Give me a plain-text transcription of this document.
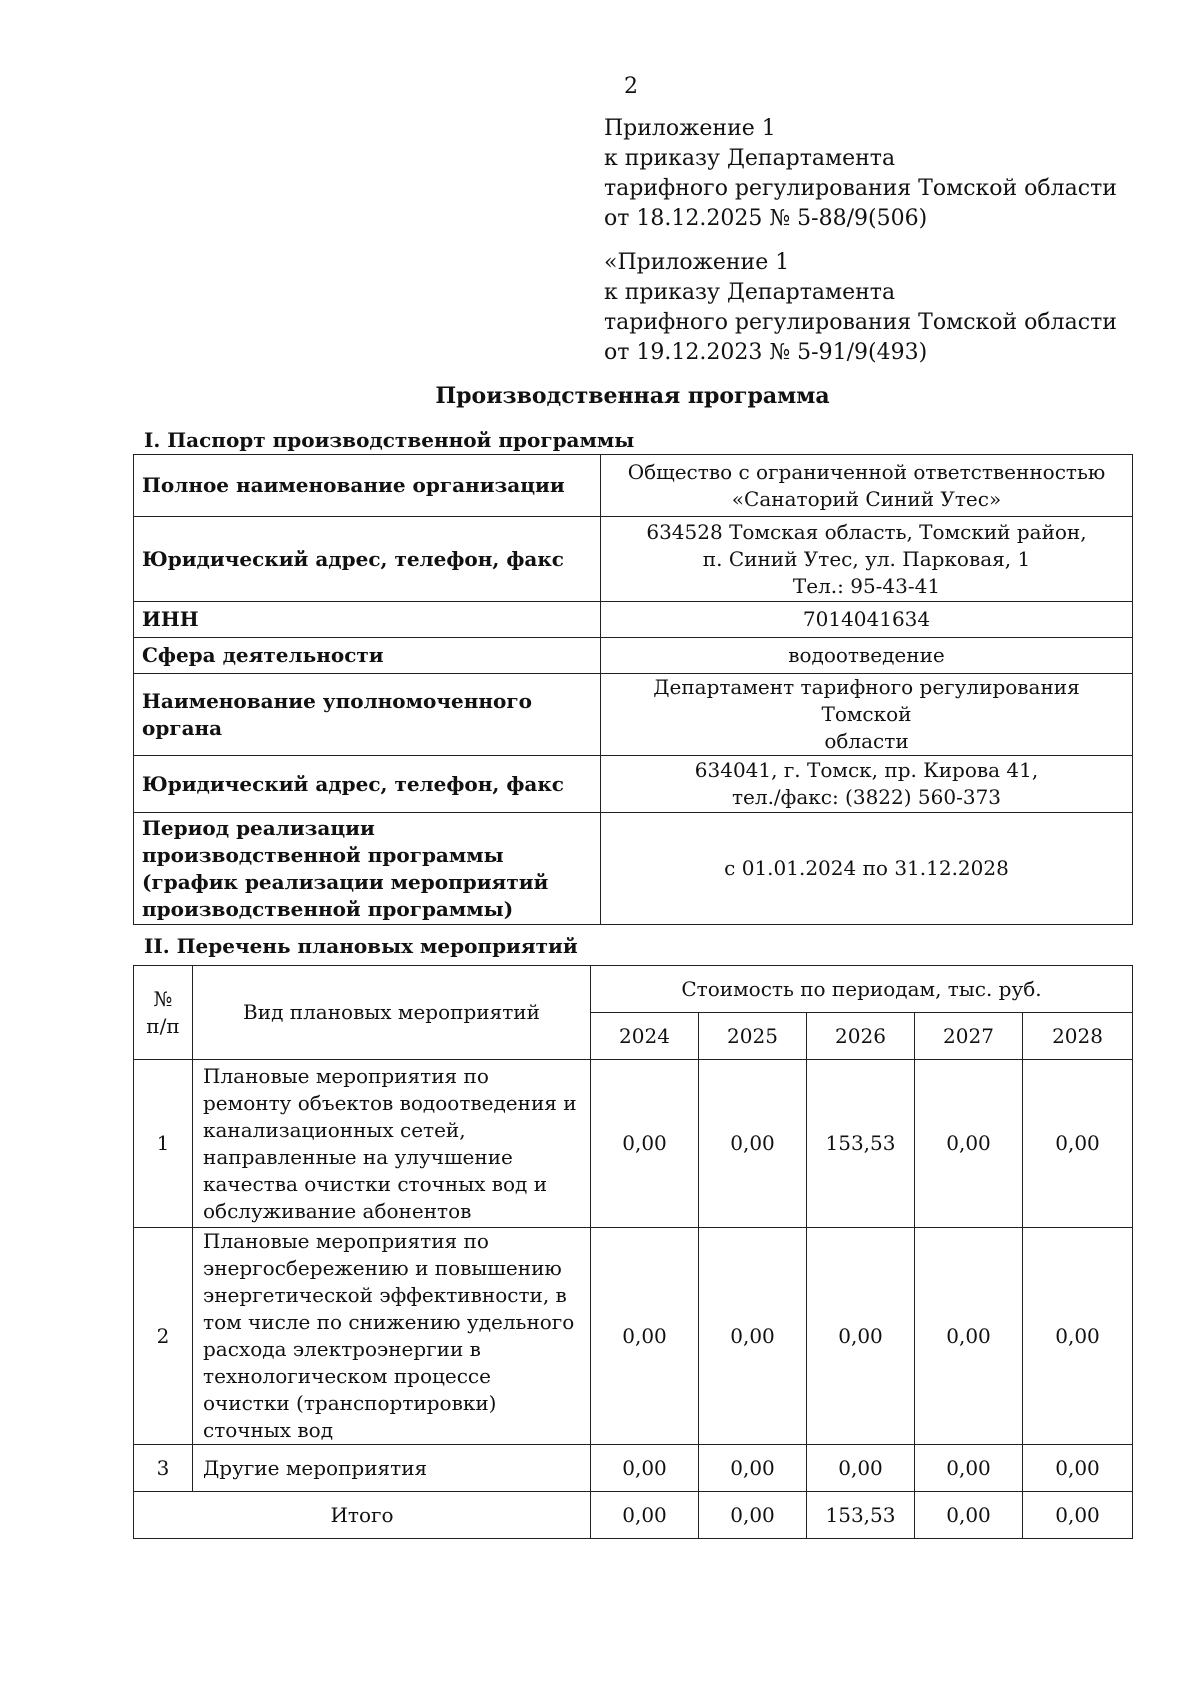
2
Приложение 1
к приказу Департамента
тарифного регулирования Томской области
от 18.12.2025 № 5-88/9(506)
«Приложение 1
к приказу Департамента
тарифного регулирования Томской области
от 19.12.2023 № 5-91/9(493)
Производственная программа
I. Паспорт производственной программы
Полное наименование организации	Общество с ограниченной ответственностью
«Санаторий Синий Утес»

Юридический адрес, телефон, факс	634528 Томская область, Томский район,
п. Синий Утес, ул. Парковая, 1
Тел.: 95-43-41

ИНН	7014041634

Сфера деятельности	водоотведение

Наименование уполномоченного органа	Департамент тарифного регулирования Томской
области

Юридический адрес, телефон, факс	634041, г. Томск, пр. Кирова 41,
тел./факс: (3822) 560-373

Период реализации производственной программы (график реализации мероприятий производственной программы)	с 01.01.2024 по 31.12.2028
II. Перечень плановых мероприятий
№ п/п	Вид плановых мероприятий	Стоимость по периодам, тыс. руб.				
		2024	2025	2026	2027	2028
1	Плановые мероприятия по ремонту объектов водоотведения и канализационных сетей, направленные на улучшение качества очистки сточных вод и обслуживание абонентов	0,00	0,00	153,53	0,00	0,00
2	Плановые мероприятия по энергосбережению и повышению энергетической эффективности, в том числе по снижению удельного расхода электроэнергии в технологическом процессе очистки (транспортировки) сточных вод	0,00	0,00	0,00	0,00	0,00
3	Другие мероприятия	0,00	0,00	0,00	0,00	0,00
Итого		0,00	0,00	153,53	0,00	0,00
